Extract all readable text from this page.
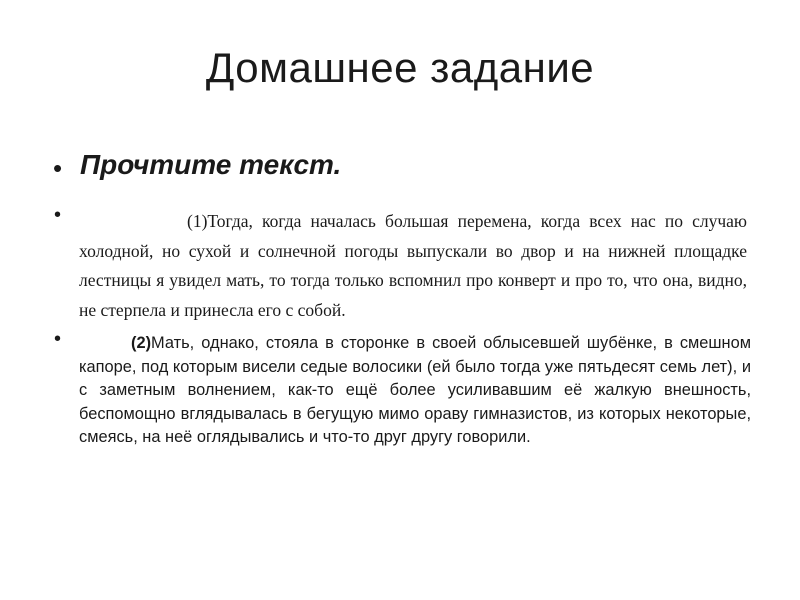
Домашнее задание
• Прочтите текст.

•	(1)Тогда, когда началась большая перемена, когда всех нас по случаю холодной, но сухой и солнечной погоды выпускали во двор и на нижней площадке лестницы я увидел мать, то тогда только вспомнил про конверт и про то, что она, видно, не стерпела и принесла его с собой.

•	(2)Мать, однако, стояла в сторонке в своей облысевшей шубёнке, в смешном капоре, под которым висели седые волосики (ей было тогда уже пятьдесят семь лет), и с заметным волнением, как-то ещё более усиливавшим её жалкую внешность, беспомощно вглядывалась в бегущую мимо ораву гимназистов, из которых некоторые, смеясь, на неё оглядывались и что-то друг другу говорили.
